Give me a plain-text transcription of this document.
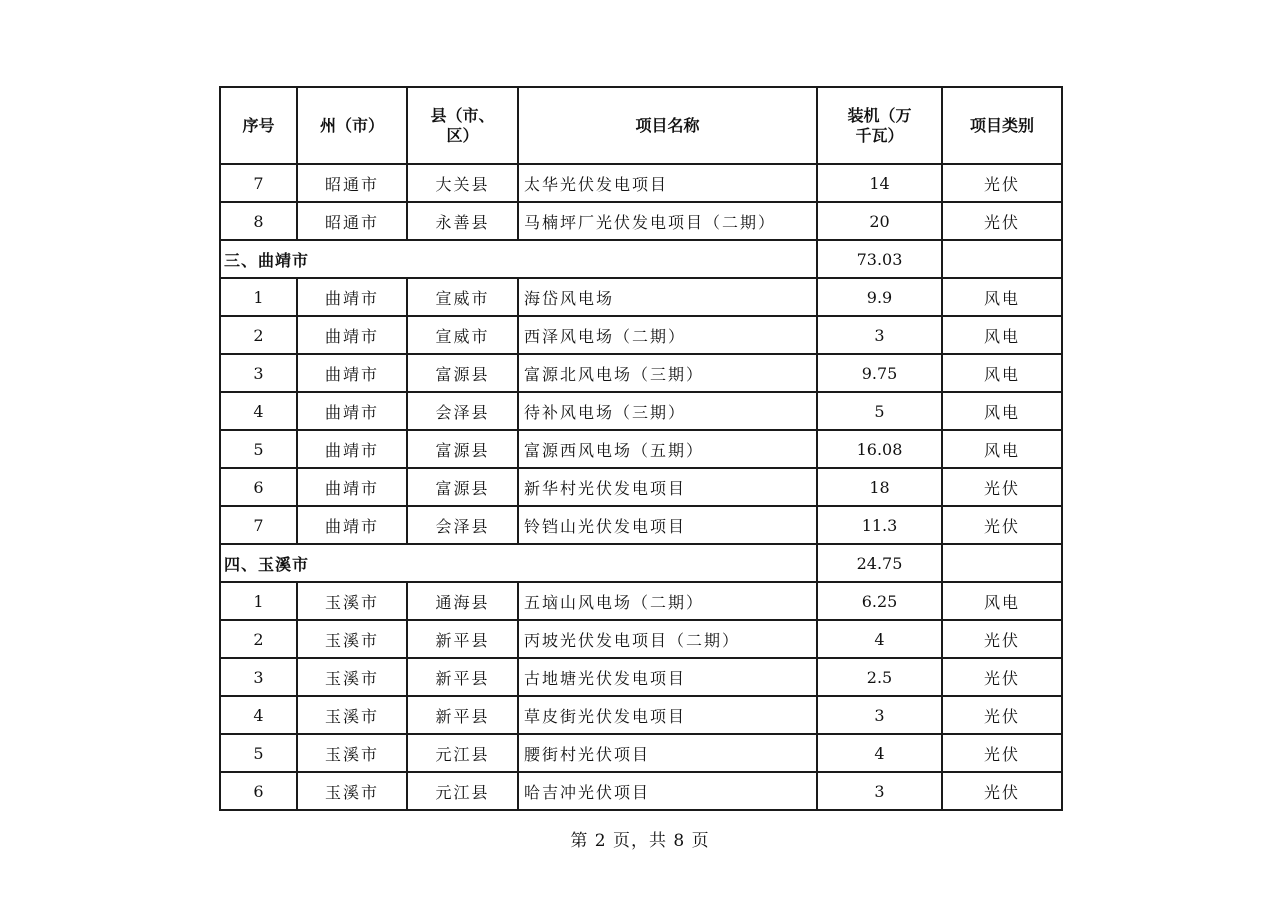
序号	州（市）	县（市、区）	项目名称	装机（万千瓦）	项目类别
7	昭通市	大关县	太华光伏发电项目	14	光伏
8	昭通市	永善县	马楠坪厂光伏发电项目（二期）	20	光伏
三、曲靖市				73.03	
1	曲靖市	宣威市	海岱风电场	9.9	风电
2	曲靖市	宣威市	西泽风电场（二期）	3	风电
3	曲靖市	富源县	富源北风电场（三期）	9.75	风电
4	曲靖市	会泽县	待补风电场（三期）	5	风电
5	曲靖市	富源县	富源西风电场（五期）	16.08	风电
6	曲靖市	富源县	新华村光伏发电项目	18	光伏
7	曲靖市	会泽县	铃铛山光伏发电项目	11.3	光伏
四、玉溪市				24.75	
1	玉溪市	通海县	五垴山风电场（二期）	6.25	风电
2	玉溪市	新平县	丙坡光伏发电项目（二期）	4	光伏
3	玉溪市	新平县	古地塘光伏发电项目	2.5	光伏
4	玉溪市	新平县	草皮街光伏发电项目	3	光伏
5	玉溪市	元江县	腰街村光伏项目	4	光伏
6	玉溪市	元江县	哈吉冲光伏项目	3	光伏
第 2 页，共 8 页
